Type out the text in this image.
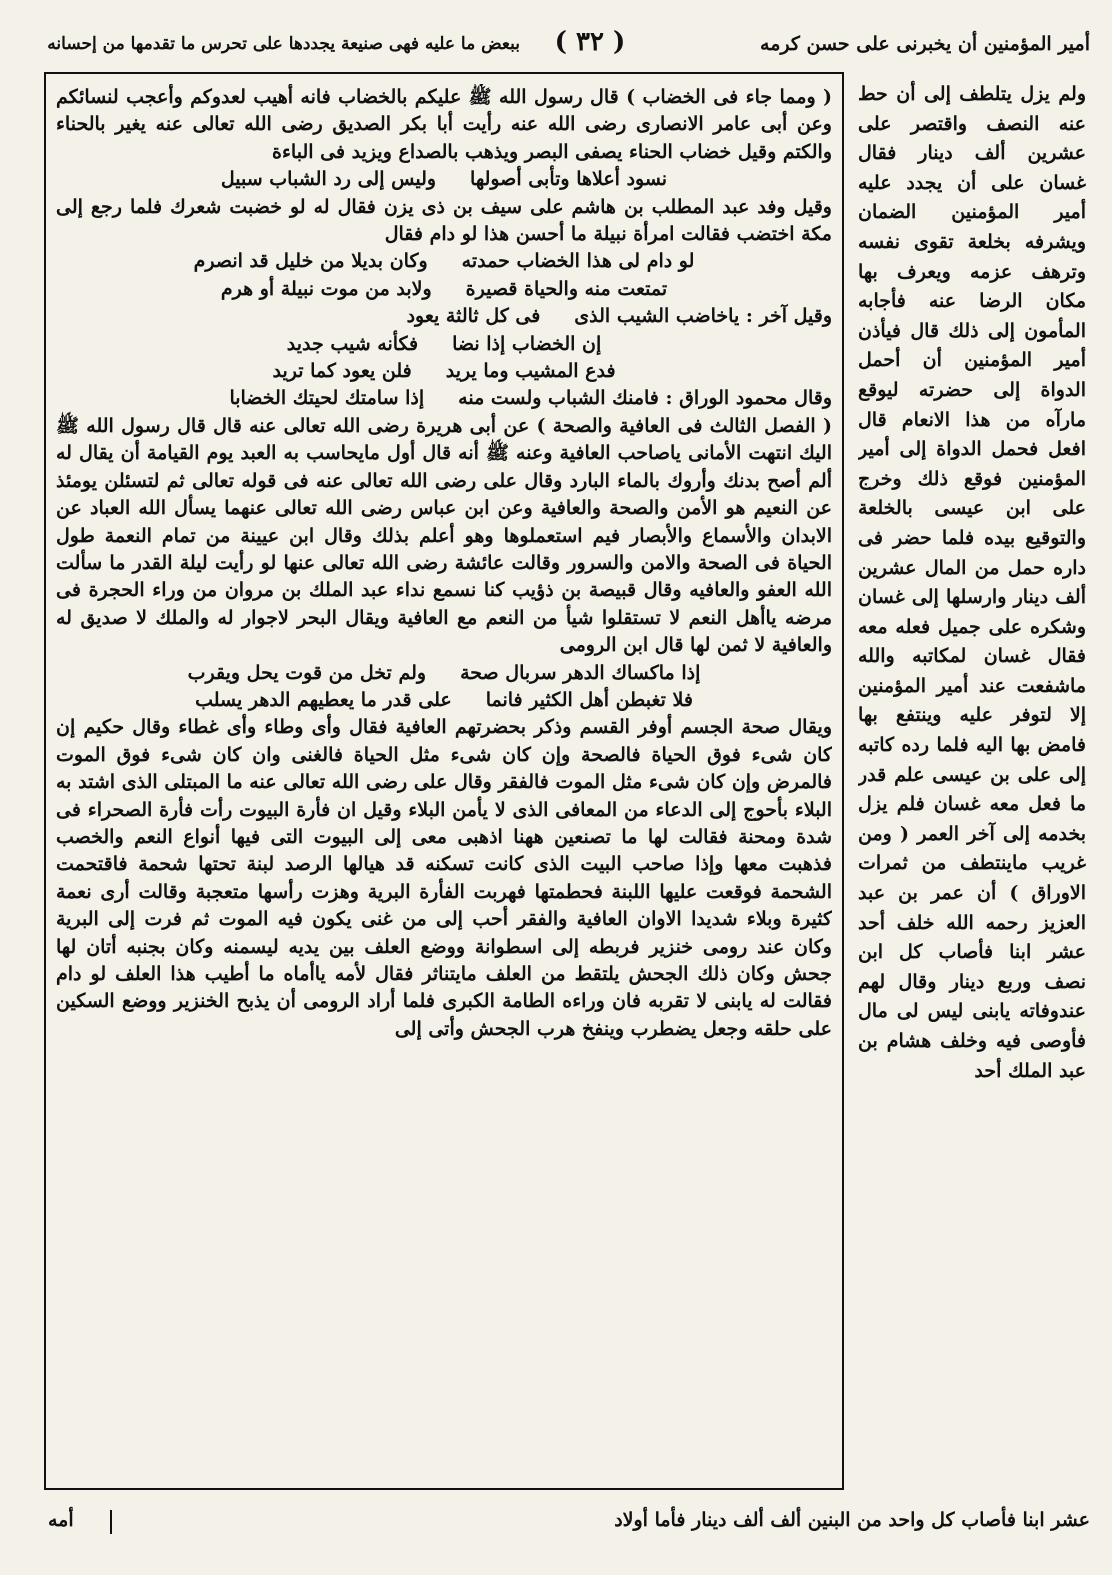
أمير المؤمنين أن يخبرنى على حسن كرمه
( ٣٢ )
ببعض ما عليه فهى صنيعة يجددها على تحرس ما تقدمها من إحسانه

( ومما جاء فى الخضاب ) قال رسول الله ﷺ عليكم بالخضاب فانه أهيب لعدوكم وأعجب لنسائكم وعن أبى عامر الانصارى رضى الله عنه رأيت أبا بكر الصديق رضى الله تعالى عنه يغير بالحناء والكتم وقيل خضاب الحناء يصفى البصر ويذهب بالصداع ويزيد فى الباءة

نسود أعلاها وتأبى أصولها
وليس إلى رد الشباب سبيل

وقيل وفد عبد المطلب بن هاشم على سيف بن ذى يزن فقال له لو خضبت شعرك فلما رجع إلى مكة اختضب فقالت امرأة نبيلة ما أحسن هذا لو دام فقال

لو دام لى هذا الخضاب حمدته
وكان بديلا من خليل قد انصرم
تمتعت منه والحياة قصيرة
ولابد من موت نبيلة أو هرم
وقيل آخر : ياخاضب الشيب الذى
فى كل ثالثة يعود
إن الخضاب إذا نضا
فكأنه شيب جديد
فدع المشيب وما يريد
فلن يعود كما تريد
وقال محمود الوراق : فامنك الشباب ولست منه
إذا سامتك لحيتك الخضابا

( الفصل الثالث فى العافية والصحة ) عن أبى هريرة رضى الله تعالى عنه قال قال رسول الله ﷺ اليك انتهت الأمانى ياصاحب العافية وعنه ﷺ أنه قال أول مايحاسب به العبد يوم القيامة أن يقال له ألم أصح بدنك وأروك بالماء البارد وقال على رضى الله تعالى عنه فى قوله تعالى ثم لتسئلن يومئذ عن النعيم هو الأمن والصحة والعافية وعن ابن عباس رضى الله تعالى عنهما يسأل الله العباد عن الابدان والأسماع والأبصار فيم استعملوها وهو أعلم بذلك وقال ابن عيينة من تمام النعمة طول الحياة فى الصحة والامن والسرور وقالت عائشة رضى الله تعالى عنها لو رأيت ليلة القدر ما سألت الله العفو والعافيه وقال قبيصة بن ذؤيب كنا نسمع نداء عبد الملك بن مروان من وراء الحجرة فى مرضه ياأهل النعم لا تستقلوا شيأ من النعم مع العافية ويقال البحر لاجوار له والملك لا صديق له والعافية لا ثمن لها قال ابن الرومى

إذا ماكساك الدهر سربال صحة
ولم تخل من قوت يحل ويقرب
فلا تغبطن أهل الكثير فانما
على قدر ما يعطيهم الدهر يسلب

ويقال صحة الجسم أوفر القسم وذكر بحضرتهم العافية فقال وأى وطاء وأى غطاء وقال حكيم إن كان شىء فوق الحياة فالصحة وإن كان شىء مثل الحياة فالغنى وان كان شىء فوق الموت فالمرض وإن كان شىء مثل الموت فالفقر وقال على رضى الله تعالى عنه ما المبتلى الذى اشتد به البلاء بأحوج إلى الدعاء من المعافى الذى لا يأمن البلاء وقيل ان فأرة البيوت رأت فأرة الصحراء فى شدة ومحنة فقالت لها ما تصنعين ههنا اذهبى معى إلى البيوت التى فيها أنواع النعم والخصب فذهبت معها وإذا صاحب البيت الذى كانت تسكنه قد هيالها الرصد لبنة تحتها شحمة فاقتحمت الشحمة فوقعت عليها اللبنة فحطمتها فهربت الفأرة البرية وهزت رأسها متعجبة وقالت أرى نعمة كثيرة وبلاء شديدا الاوان العافية والفقر أحب إلى من غنى يكون فيه الموت ثم فرت إلى البرية وكان عند رومى خنزير فربطه إلى اسطوانة ووضع العلف بين يديه ليسمنه وكان بجنبه أتان لها جحش وكان ذلك الجحش يلتقط من العلف مايتناثر فقال لأمه ياأماه ما أطيب هذا العلف لو دام فقالت له يابنى لا تقربه فان وراءه الطامة الكبرى فلما أراد الرومى أن يذبح الخنزير ووضع السكين على حلقه وجعل يضطرب وينفخ هرب الجحش وأتى إلى

ولم يزل يتلطف إلى أن حط عنه النصف واقتصر على عشرين ألف دينار فقال غسان على أن يجدد عليه أمير المؤمنين الضمان ويشرفه بخلعة تقوى نفسه وترهف عزمه ويعرف بها مكان الرضا عنه فأجابه المأمون إلى ذلك قال فيأذن أمير المؤمنين أن أحمل الدواة إلى حضرته ليوقع مارآه من هذا الانعام قال افعل فحمل الدواة إلى أمير المؤمنين فوقع ذلك وخرج على ابن عيسى بالخلعة والتوقيع بيده فلما حضر فى داره حمل من المال عشرين ألف دينار وارسلها إلى غسان وشكره على جميل فعله معه فقال غسان لمكاتبه والله ماشفعت عند أمير المؤمنين إلا لتوفر عليه وينتفع بها فامض بها اليه فلما رده كاتبه إلى على بن عيسى علم قدر ما فعل معه غسان فلم يزل بخدمه إلى آخر العمر ( ومن غريب ماينتطف من ثمرات الاوراق ) أن عمر بن عبد العزيز رحمه الله خلف أحد عشر ابنا فأصاب كل ابن نصف وربع دينار وقال لهم عندوفاته يابنى ليس لى مال فأوصى فيه وخلف هشام بن عبد الملك أحد

عشر ابنا فأصاب كل واحد من البنين ألف ألف دينار فأما أولاد
أمه
